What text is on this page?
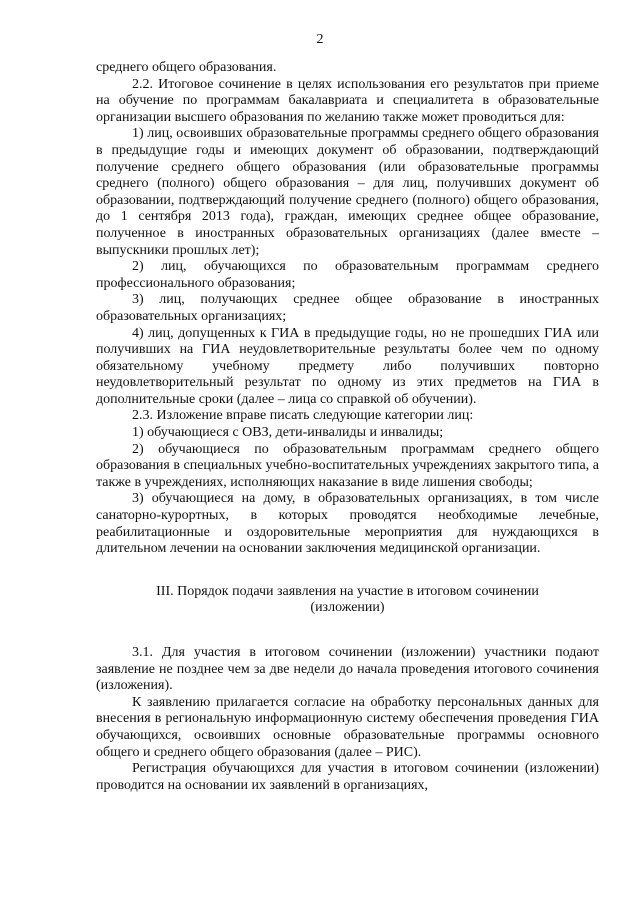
2

среднего общего образования.

2.2. Итоговое сочинение в целях использования его результатов при приеме на обучение по программам бакалавриата и специалитета в образовательные организации высшего образования по желанию также может проводиться для:

1) лиц, освоивших образовательные программы среднего общего образования в предыдущие годы и имеющих документ об образовании, подтверждающий получение среднего общего образования (или образовательные программы среднего (полного) общего образования – для лиц, получивших документ об образовании, подтверждающий получение среднего (полного) общего образования, до 1 сентября 2013 года), граждан, имеющих среднее общее образование, полученное в иностранных образовательных организациях (далее вместе – выпускники прошлых лет);

2) лиц, обучающихся по образовательным программам среднего профессионального образования;

3) лиц, получающих среднее общее образование в иностранных образовательных организациях;

4) лиц, допущенных к ГИА в предыдущие годы, но не прошедших ГИА или получивших на ГИА неудовлетворительные результаты более чем по одному обязательному учебному предмету либо получивших повторно неудовлетворительный результат по одному из этих предметов на ГИА в дополнительные сроки (далее – лица со справкой об обучении).

2.3. Изложение вправе писать следующие категории лиц:

1) обучающиеся с ОВЗ, дети-инвалиды и инвалиды;

2) обучающиеся по образовательным программам среднего общего образования в специальных учебно-воспитательных учреждениях закрытого типа, а также в учреждениях, исполняющих наказание в виде лишения свободы;

3) обучающиеся на дому, в образовательных организациях, в том числе санаторно-курортных, в которых проводятся необходимые лечебные, реабилитационные и оздоровительные мероприятия для нуждающихся в длительном лечении на основании заключения медицинской организации.

III. Порядок подачи заявления на участие в итоговом сочинении
(изложении)

3.1. Для участия в итоговом сочинении (изложении) участники подают заявление не позднее чем за две недели до начала проведения итогового сочинения (изложения).

К заявлению прилагается согласие на обработку персональных данных для внесения в региональную информационную систему обеспечения проведения ГИА обучающихся, освоивших основные образовательные программы основного общего и среднего общего образования (далее – РИС).

Регистрация обучающихся для участия в итоговом сочинении (изложении) проводится на основании их заявлений в организациях,
